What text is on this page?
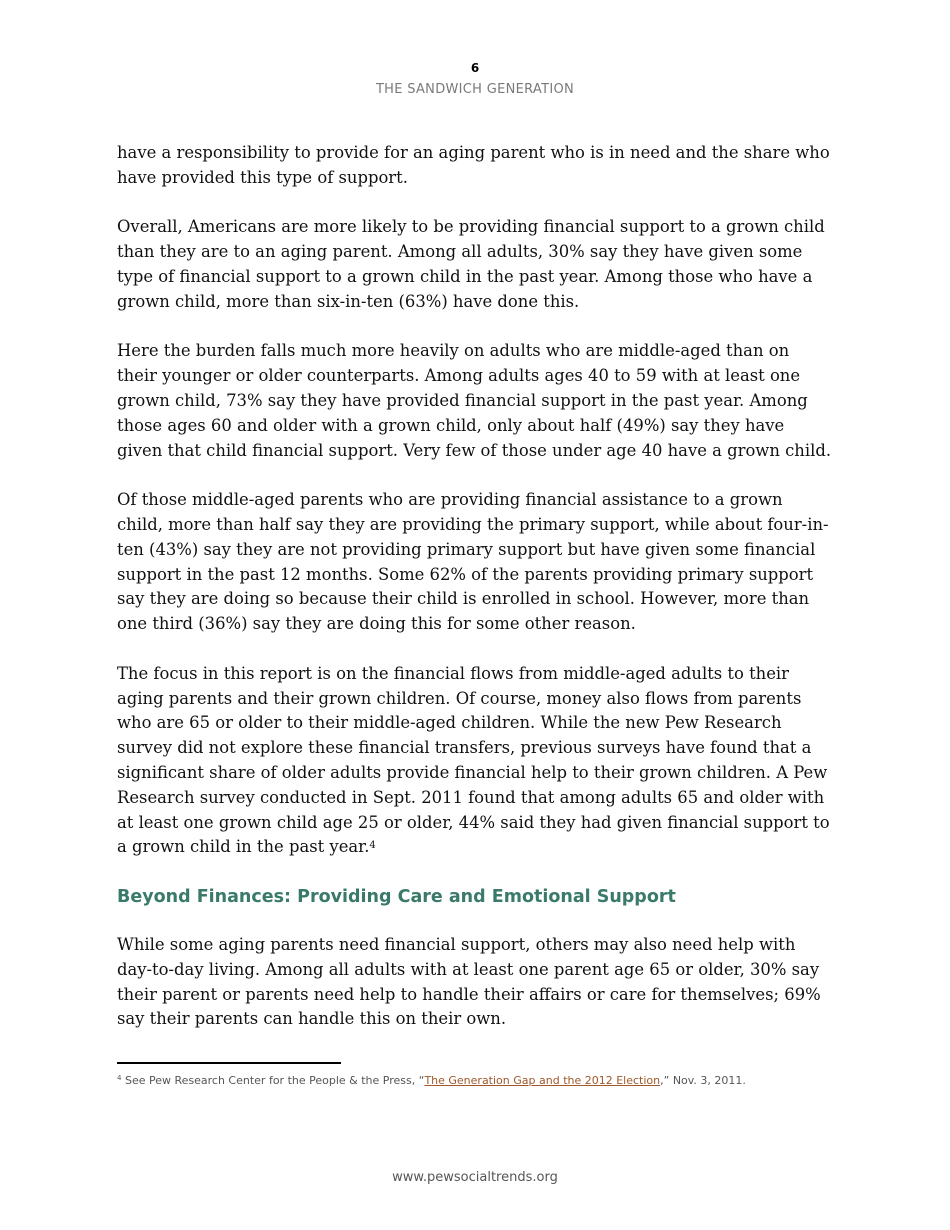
6
THE SANDWICH GENERATION

have a responsibility to provide for an aging parent who is in need and the share who have provided this type of support.

Overall, Americans are more likely to be providing financial support to a grown child than they are to an aging parent. Among all adults, 30% say they have given some type of financial support to a grown child in the past year. Among those who have a grown child, more than six-in-ten (63%) have done this.

Here the burden falls much more heavily on adults who are middle-aged than on their younger or older counterparts. Among adults ages 40 to 59 with at least one grown child, 73% say they have provided financial support in the past year. Among those ages 60 and older with a grown child, only about half (49%) say they have given that child financial support. Very few of those under age 40 have a grown child.

Of those middle-aged parents who are providing financial assistance to a grown child, more than half say they are providing the primary support, while about four-in-ten (43%) say they are not providing primary support but have given some financial support in the past 12 months. Some 62% of the parents providing primary support say they are doing so because their child is enrolled in school. However, more than one third (36%) say they are doing this for some other reason.

The focus in this report is on the financial flows from middle-aged adults to their aging parents and their grown children. Of course, money also flows from parents who are 65 or older to their middle-aged children. While the new Pew Research survey did not explore these financial transfers, previous surveys have found that a significant share of older adults provide financial help to their grown children. A Pew Research survey conducted in Sept. 2011 found that among adults 65 and older with at least one grown child age 25 or older, 44% said they had given financial support to a grown child in the past year.$^4$

Beyond Finances: Providing Care and Emotional Support

While some aging parents need financial support, others may also need help with day-to-day living. Among all adults with at least one parent age 65 or older, 30% say their parent or parents need help to handle their affairs or care for themselves; 69% say their parents can handle this on their own.

$^4$ See Pew Research Center for the People & the Press, “The Generation Gap and the 2012 Election,” Nov. 3, 2011.
www.pewsocialtrends.org
